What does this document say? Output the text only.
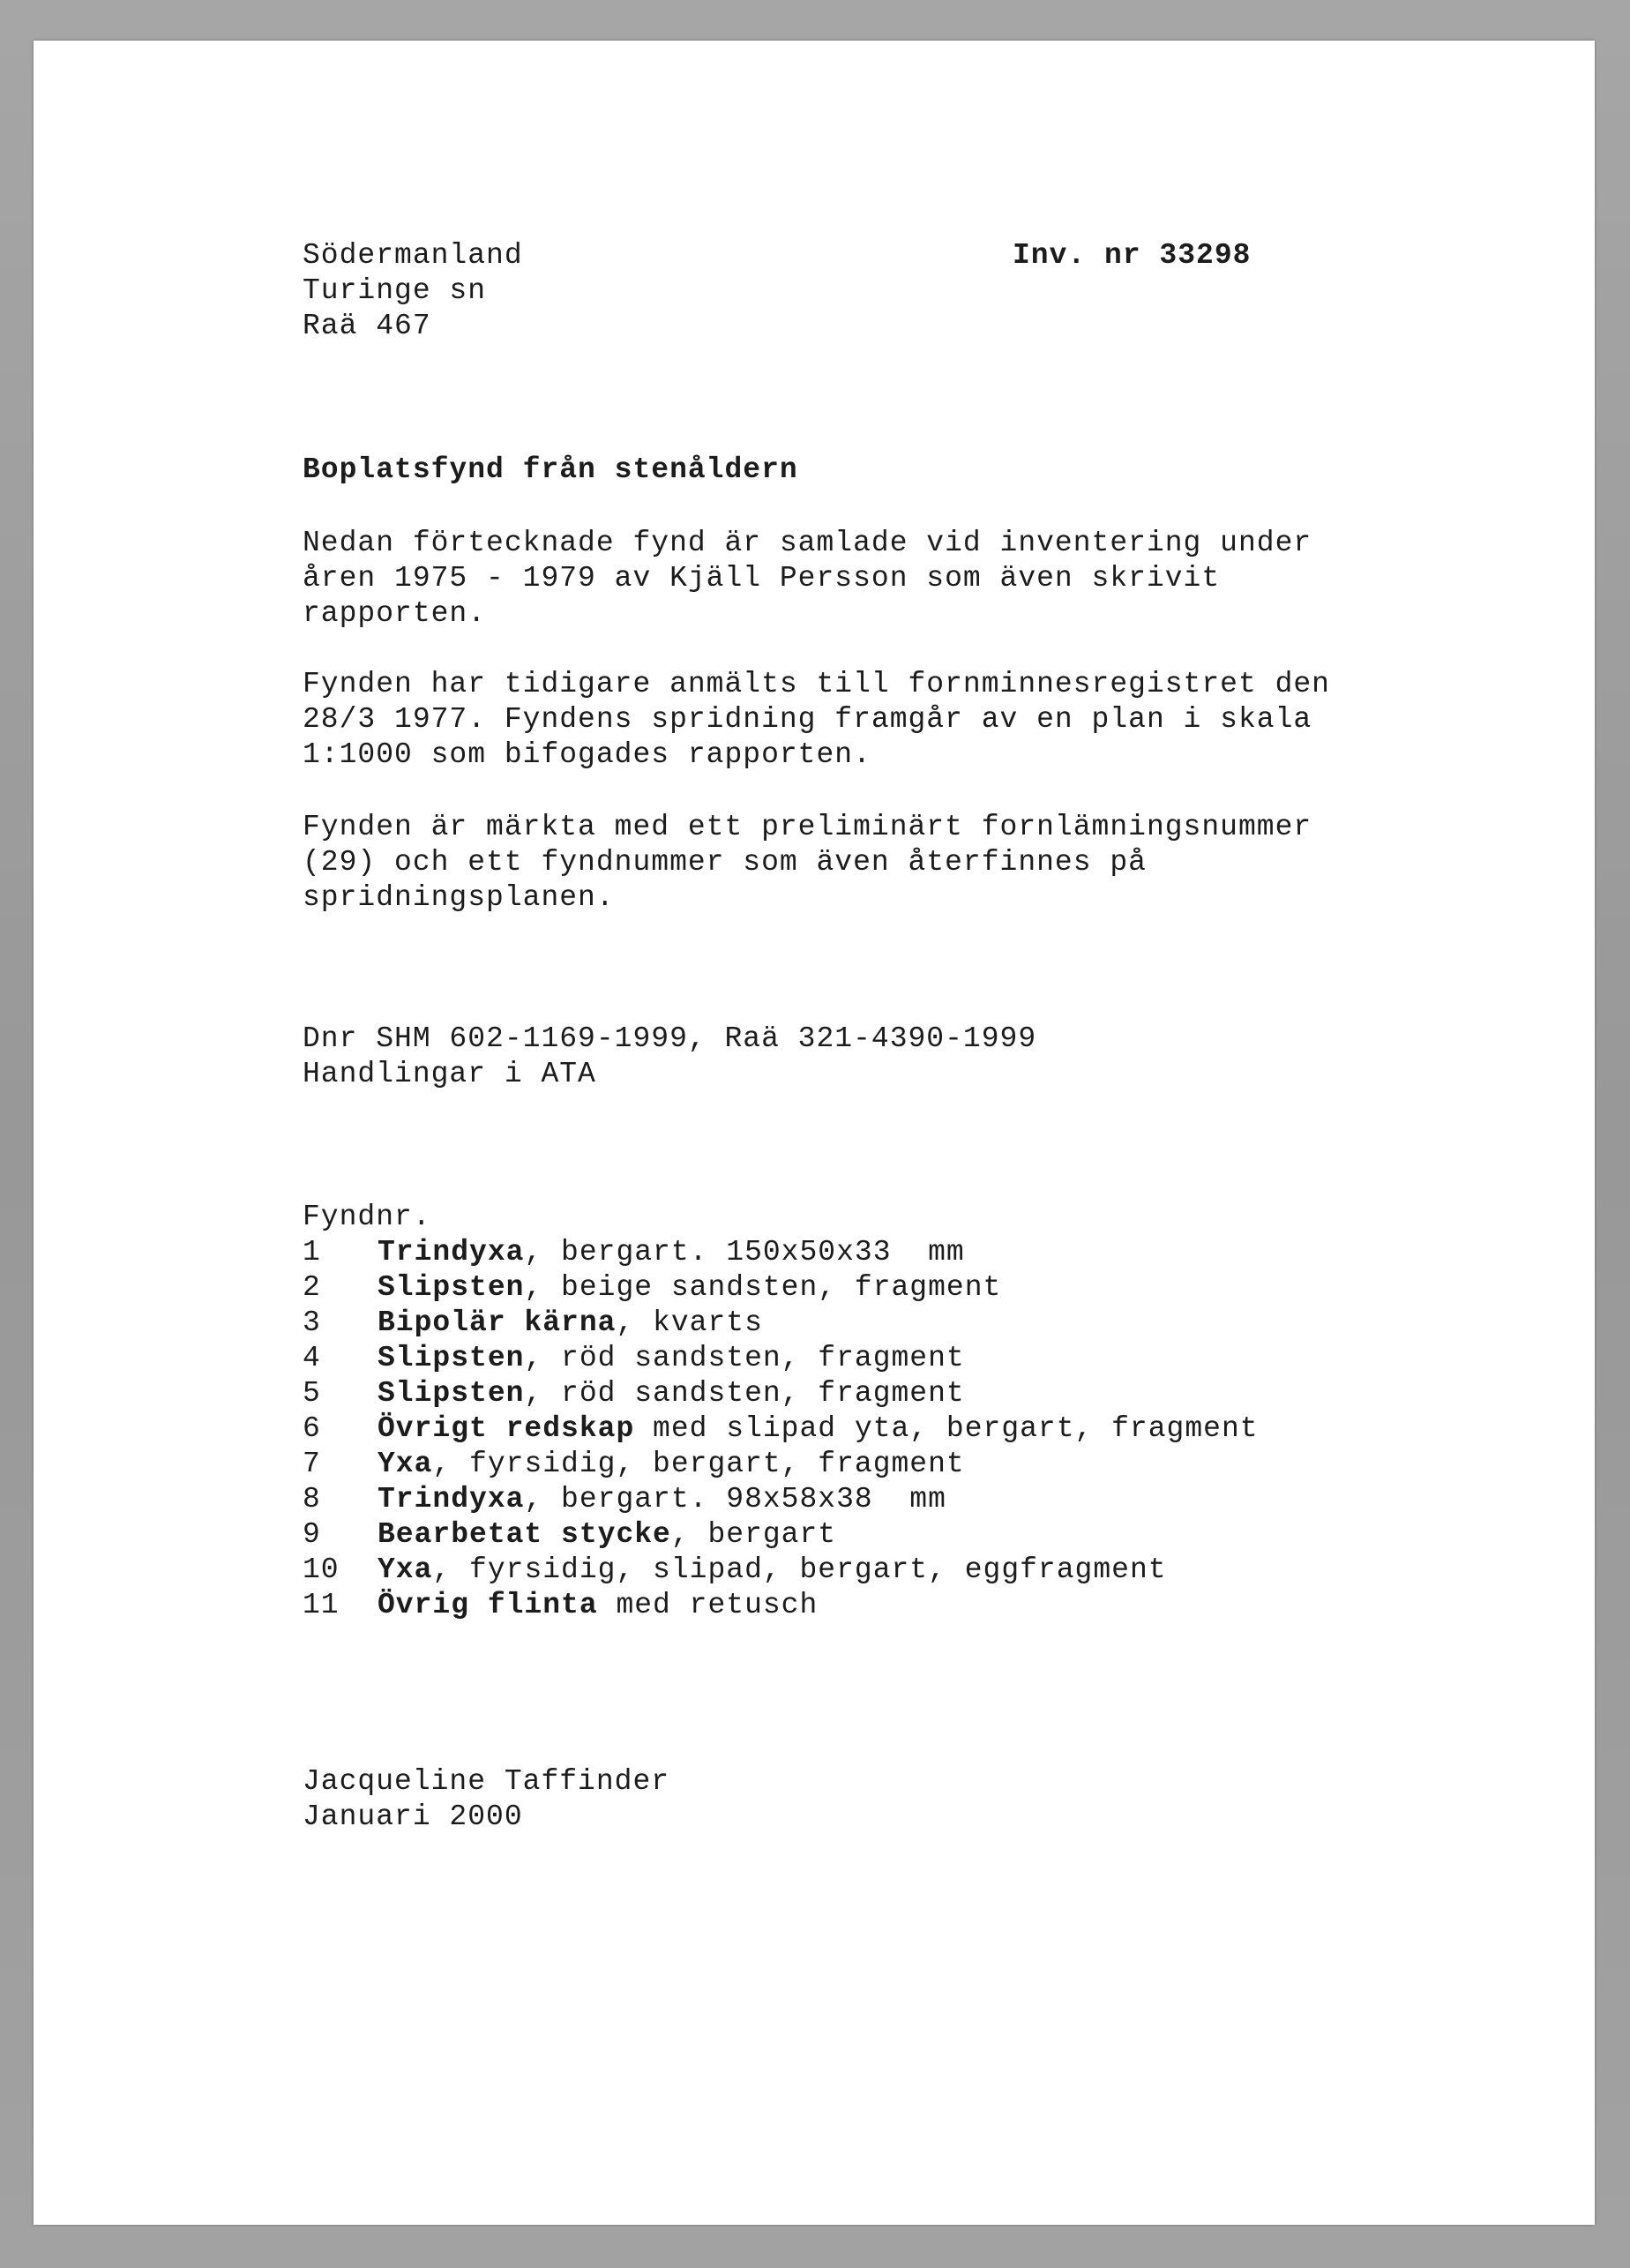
Södermanland
Turinge sn
Raä 467
Inv. nr 33298
Boplatsfynd från stenåldern
Nedan förtecknade fynd är samlade vid inventering under
åren 1975 - 1979 av Kjäll Persson som även skrivit
rapporten.
Fynden har tidigare anmälts till fornminnesregistret den
28/3 1977. Fyndens spridning framgår av en plan i skala
1:1000 som bifogades rapporten.
Fynden är märkta med ett preliminärt fornlämningsnummer
(29) och ett fyndnummer som även återfinnes på
spridningsplanen.
Dnr SHM 602-1169-1999, Raä 321-4390-1999
Handlingar i ATA
Fyndnr.
1 Trindyxa, bergart. 150x50x33  mm
2 Slipsten, beige sandsten, fragment
3 Bipolär kärna, kvarts
4 Slipsten, röd sandsten, fragment
5 Slipsten, röd sandsten, fragment
6 Övrigt redskap med slipad yta, bergart, fragment
7 Yxa, fyrsidig, bergart, fragment
8 Trindyxa, bergart. 98x58x38  mm
9 Bearbetat stycke, bergart
10 Yxa, fyrsidig, slipad, bergart, eggfragment
11 Övrig flinta med retusch
Jacqueline Taffinder
Januari 2000
